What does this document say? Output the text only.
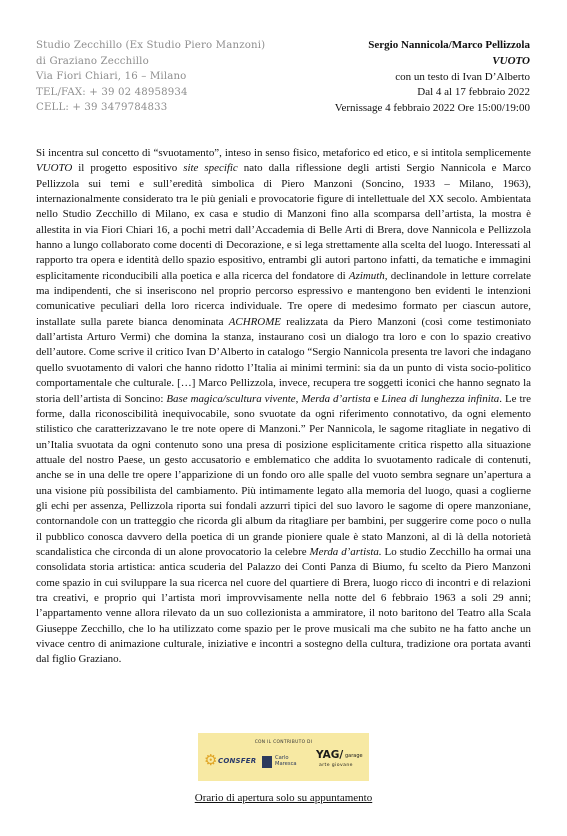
Studio Zecchillo (Ex Studio Piero Manzoni)
di Graziano Zecchillo
Via Fiori Chiari, 16 – Milano
TEL/FAX: + 39 02 48958934
CELL: + 39 3479784833
Sergio Nannicola/Marco Pellizzola
VUOTO
con un testo di Ivan D’Alberto
Dal 4 al 17 febbraio 2022
Vernissage 4 febbraio 2022 Ore 15:00/19:00

Si incentra sul concetto di “svuotamento”, inteso in senso fisico, metaforico ed etico, e si intitola semplicemente VUOTO il progetto espositivo site specific nato dalla riflessione degli artisti Sergio Nannicola e Marco Pellizzola sui temi e sull’eredità simbolica di Piero Manzoni (Soncino, 1933 – Milano, 1963), internazionalmente considerato tra le più geniali e provocatorie figure di intellettuale del XX secolo. Ambientata nello Studio Zecchillo di Milano, ex casa e studio di Manzoni fino alla scomparsa dell’artista, la mostra è allestita in via Fiori Chiari 16, a pochi metri dall’Accademia di Belle Arti di Brera, dove Nannicola e Pellizzola hanno a lungo collaborato come docenti di Decorazione, e si lega strettamente alla scelta del luogo. Interessati al rapporto tra opera e identità dello spazio espositivo, entrambi gli autori partono infatti, da tematiche e immagini esplicitamente riconducibili alla poetica e alla ricerca del fondatore di Azimuth, declinandole in letture correlate ma indipendenti, che si inseriscono nel proprio percorso espressivo e mantengono ben evidenti le intenzioni comunicative peculiari della loro ricerca individuale. Tre opere di medesimo formato per ciascun autore, installate sulla parete bianca denominata ACHROME realizzata da Piero Manzoni (così come testimoniato dall’artista Arturo Vermi) che domina la stanza, instaurano così un dialogo tra loro e con lo spazio creativo dell’autore. Come scrive il critico Ivan D’Alberto in catalogo “Sergio Nannicola presenta tre lavori che indagano quello svuotamento di valori che hanno ridotto l’Italia ai minimi termini: sia da un punto di vista socio-politico comportamentale che culturale. […] Marco Pellizzola, invece, recupera tre soggetti iconici che hanno segnato la storia dell’artista di Soncino: Base magica/scultura vivente, Merda d’artista e Linea di lunghezza infinita. Le tre forme, dalla riconoscibilità inequivocabile, sono svuotate da ogni riferimento connotativo, da ogni elemento stilistico che caratterizzavano le tre note opere di Manzoni.” Per Nannicola, le sagome ritagliate in negativo di un’Italia svuotata da ogni contenuto sono una presa di posizione esplicitamente critica rispetto alla situazione attuale del nostro Paese, un gesto accusatorio e emblematico che addita lo svuotamento radicale di contenuti, anche se in una delle tre opere l’apparizione di un fondo oro alle spalle del vuoto sembra segnare un’apertura a una visione più possibilista del cambiamento. Più intimamente legato alla memoria del luogo, quasi a coglierne gli echi per assenza, Pellizzola riporta sui fondali azzurri tipici del suo lavoro le sagome di opere manzoniane, contornandole con un tratteggio che ricorda gli album da ritagliare per bambini, per suggerire come poco o nulla il pubblico conosca davvero della poetica di un grande pioniere quale è stato Manzoni, al di là della notorietà scandalistica che circonda di un alone provocatorio la celebre Merda d’artista. Lo studio Zecchillo ha ormai una consolidata storia artistica: antica scuderia del Palazzo dei Conti Panza di Biumo, fu scelto da Piero Manzoni come spazio in cui sviluppare la sua ricerca nel cuore del quartiere di Brera, luogo ricco di incontri e di relazioni tra creativi, e proprio qui l’artista morì improvvisamente nella notte del 6 febbraio 1963 a soli 29 anni; l’appartamento venne allora rilevato da un suo collezionista a ammiratore, il noto baritono del Teatro alla Scala Giuseppe Zecchillo, che lo ha utilizzato come spazio per le prove musicali ma che subito ne ha fatto anche un vivace centro di animazione culturale, iniziative e incontri a sostegno della cultura, tradizione ora portata avanti dal figlio Graziano.

CON IL CONTRIBUTO DI
⚙ CONSFER	Carlo
Maresca
YAG/ garage
arte giovane
Orario di apertura solo su appuntamento
